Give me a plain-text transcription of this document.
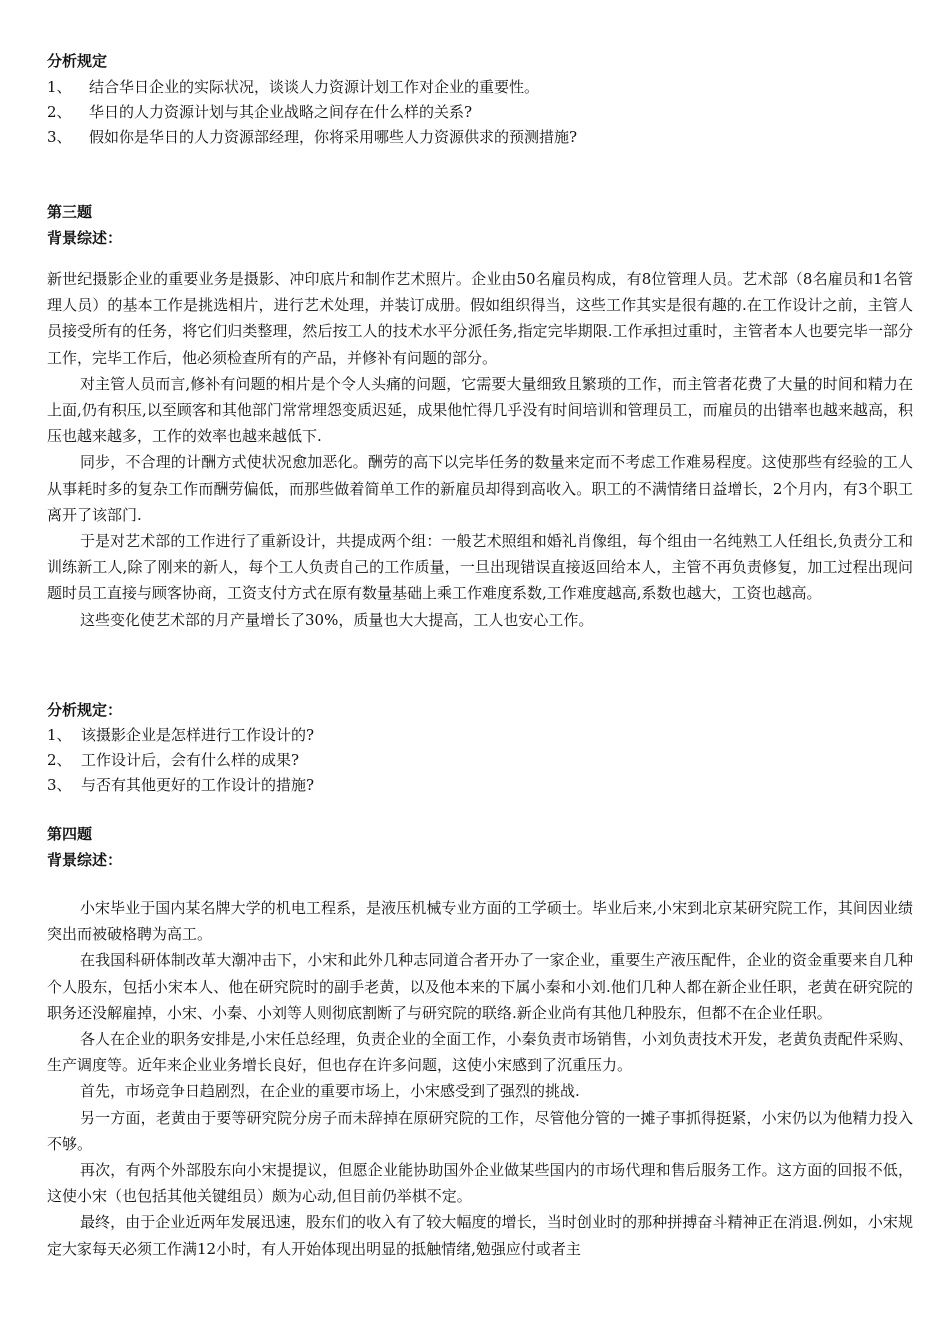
分析规定
1、 结合华日企业的实际状况，谈谈人力资源计划工作对企业的重要性。
2、 华日的人力资源计划与其企业战略之间存在什么样的关系?
3、 假如你是华日的人力资源部经理，你将采用哪些人力资源供求的预测措施?
第三题
背景综述：

新世纪摄影企业的重要业务是摄影、冲印底片和制作艺术照片。企业由50名雇员构成，有8位管理人员。艺术部（8名雇员和1名管理人员）的基本工作是挑选相片，进行艺术处理，并装订成册。假如组织得当，这些工作其实是很有趣的.在工作设计之前，主管人员接受所有的任务，将它们归类整理，然后按工人的技术水平分派任务,指定完毕期限.工作承担过重时，主管者本人也要完毕一部分工作，完毕工作后，他必须检查所有的产品，并修补有问题的部分。

对主管人员而言,修补有问题的相片是个令人头痛的问题，它需要大量细致且繁琐的工作，而主管者花费了大量的时间和精力在上面,仍有积压,以至顾客和其他部门常常埋怨变质迟延，成果他忙得几乎没有时间培训和管理员工，而雇员的出错率也越来越高，积压也越来越多，工作的效率也越来越低下.

同步，不合理的计酬方式使状况愈加恶化。酬劳的高下以完毕任务的数量来定而不考虑工作难易程度。这使那些有经验的工人从事耗时多的复杂工作而酬劳偏低，而那些做着简单工作的新雇员却得到高收入。职工的不满情绪日益增长，2个月内，有3个职工离开了该部门.

于是对艺术部的工作进行了重新设计，共提成两个组：一般艺术照组和婚礼肖像组，每个组由一名纯熟工人任组长,负责分工和训练新工人,除了刚来的新人，每个工人负责自己的工作质量，一旦出现错误直接返回给本人，主管不再负责修复，加工过程出现问题时员工直接与顾客协商，工资支付方式在原有数量基础上乘工作难度系数,工作难度越高,系数也越大，工资也越高。

这些变化使艺术部的月产量增长了30%，质量也大大提高，工人也安心工作。

分析规定：
1、 该摄影企业是怎样进行工作设计的?
2、 工作设计后，会有什么样的成果?
3、 与否有其他更好的工作设计的措施?
第四题
背景综述：

小宋毕业于国内某名牌大学的机电工程系，是液压机械专业方面的工学硕士。毕业后来,小宋到北京某研究院工作，其间因业绩突出而被破格聘为高工。

在我国科研体制改革大潮冲击下，小宋和此外几种志同道合者开办了一家企业，重要生产液压配件，企业的资金重要来自几种个人股东，包括小宋本人、他在研究院时的副手老黄，以及他本来的下属小秦和小刘.他们几种人都在新企业任职，老黄在研究院的职务还没解雇掉，小宋、小秦、小刘等人则彻底割断了与研究院的联络.新企业尚有其他几种股东，但都不在企业任职。

各人在企业的职务安排是,小宋任总经理，负责企业的全面工作，小秦负责市场销售，小刘负责技术开发，老黄负责配件采购、生产调度等。近年来企业业务增长良好，但也存在许多问题，这使小宋感到了沉重压力。

首先，市场竞争日趋剧烈，在企业的重要市场上，小宋感受到了强烈的挑战.

另一方面，老黄由于要等研究院分房子而未辞掉在原研究院的工作，尽管他分管的一摊子事抓得挺紧，小宋仍以为他精力投入不够。

再次，有两个外部股东向小宋提提议，但愿企业能协助国外企业做某些国内的市场代理和售后服务工作。这方面的回报不低，这使小宋（也包括其他关键组员）颇为心动,但目前仍举棋不定。

最终，由于企业近两年发展迅速，股东们的收入有了较大幅度的增长，当时创业时的那种拼搏奋斗精神正在消退.例如，小宋规定大家每天必须工作满12小时，有人开始体现出明显的抵触情绪,勉强应付或者主
